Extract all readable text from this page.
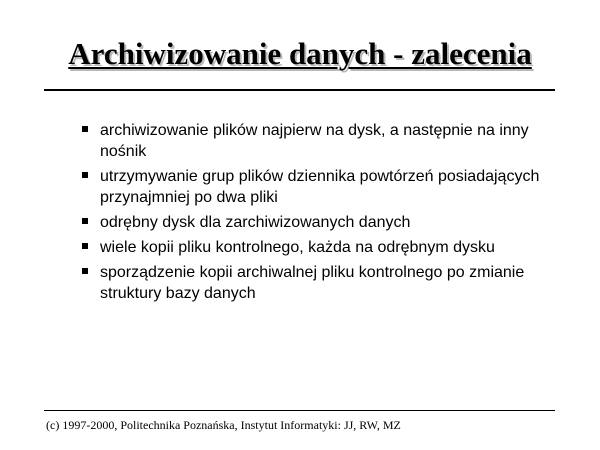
Archiwizowanie danych - zalecenia
archiwizowanie plików najpierw na dysk, a następnie na inny nośnik
utrzymywanie grup plików dziennika powtórzeń posiadających przynajmniej po dwa pliki
odrębny dysk dla zarchiwizowanych danych
wiele kopii pliku kontrolnego, każda na odrębnym dysku
sporządzenie kopii archiwalnej pliku kontrolnego po zmianie struktury bazy danych
(c) 1997-2000, Politechnika Poznańska, Instytut Informatyki: JJ, RW, MZ
